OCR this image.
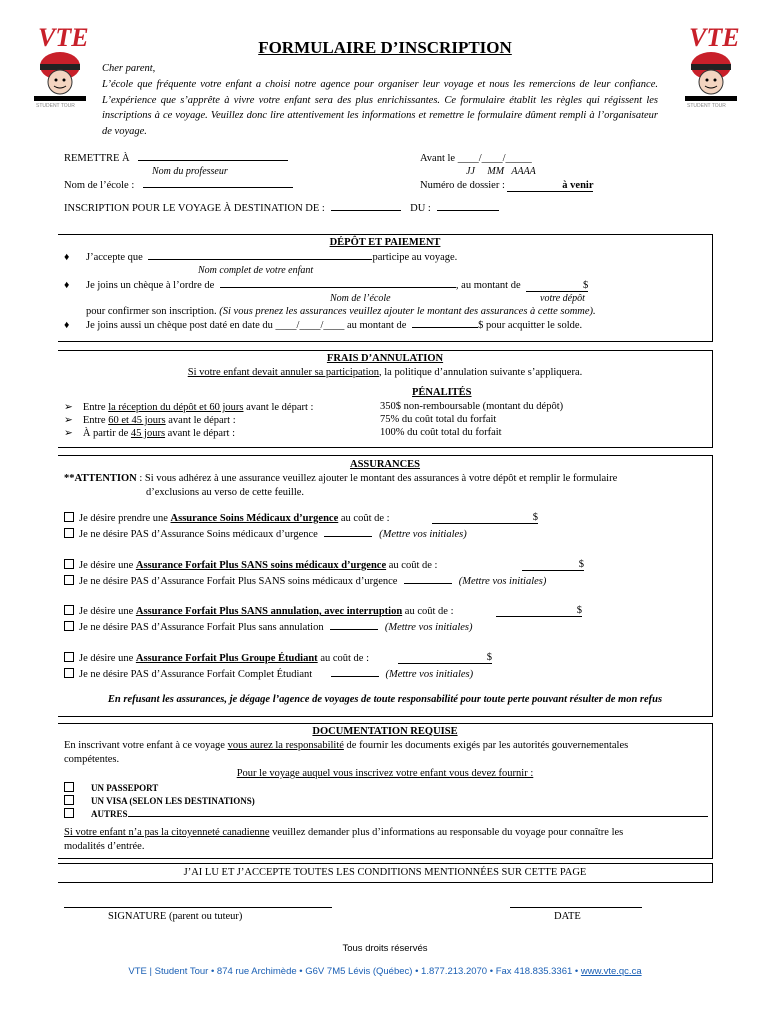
VTE
STUDENT TOUR
VTE
STUDENT TOUR
FORMULAIRE D’INSCRIPTION
Cher parent,
L’école que fréquente votre enfant a choisi notre agence pour organiser leur voyage et nous les remercions de leur confiance. L’expérience que s’apprête à vivre votre enfant sera des plus enrichissantes. Ce formulaire établit les règles qui régissent les inscriptions à ce voyage. Veuillez donc lire attentivement les informations et remettre le formulaire dûment rempli à l’organisateur de voyage.
REMETTRE À
Nom du professeur
Nom de l’école :
Avant le ____/____/_____
JJ     MM   AAAA
Numéro de dossier :	à venir
INSCRIPTION POUR LE VOYAGE À DESTINATION DE :	DU :
DÉPÔT ET PAIEMENT
♦ J’accepte que	participe au voyage.
Nom complet de votre enfant
♦ Je joins un chèque à l’ordre de	, au montant de	$
Nom de l’école	votre dépôt
pour confirmer son inscription. (Si vous prenez les assurances veuillez ajouter le montant des assurances à cette somme).
♦ Je joins aussi un chèque post daté en date du ____/____/____ au montant de	$ pour acquitter le solde.
FRAIS D’ANNULATION
Si votre enfant devait annuler sa participation, la politique d’annulation suivante s’appliquera.
PÉNALITÉS
➢ Entre la réception du dépôt et 60 jours avant le départ :	350$ non-remboursable (montant du dépôt)
➢ Entre 60 et 45 jours avant le départ :	75% du coût total du forfait
➢ À partir de 45 jours avant le départ :	100% du coût total du forfait
ASSURANCES
**ATTENTION : Si vous adhérez à une assurance veuillez ajouter le montant des assurances à votre dépôt et remplir le formulaire
d’exclusions au verso de cette feuille.
Je désire prendre une Assurance Soins Médicaux d’urgence au coût de :	$
Je ne désire PAS d’Assurance Soins médicaux d’urgence	(Mettre vos initiales)
Je désire une Assurance Forfait Plus SANS soins médicaux d’urgence au coût de :	$
Je ne désire PAS d’Assurance Forfait Plus SANS soins médicaux d’urgence	(Mettre vos initiales)
Je désire une Assurance Forfait Plus SANS annulation, avec interruption au coût de :	$
Je ne désire PAS d’Assurance Forfait Plus sans annulation	(Mettre vos initiales)
Je désire une Assurance Forfait Plus Groupe Étudiant au coût de :	$
Je ne désire PAS d’Assurance Forfait Complet Étudiant	(Mettre vos initiales)
En refusant les assurances, je dégage l’agence de voyages de toute responsabilité pour toute perte pouvant résulter de mon refus
DOCUMENTATION REQUISE
En inscrivant votre enfant à ce voyage vous aurez la responsabilité de fournir les documents exigés par les autorités gouvernementales
compétentes.
Pour le voyage auquel vous inscrivez votre enfant vous devez fournir :
UN PASSEPORT
UN VISA (SELON LES DESTINATIONS)
AUTRES
Si votre enfant n’a pas la citoyenneté canadienne veuillez demander plus d’informations au responsable du voyage pour connaître les
modalités d’entrée.
J’AI LU ET J’ACCEPTE TOUTES LES CONDITIONS MENTIONNÉES SUR CETTE PAGE
SIGNATURE (parent ou tuteur)	DATE
Tous droits réservés
VTE | Student Tour • 874 rue Archimède • G6V 7M5 Lévis (Québec) • 1.877.213.2070 • Fax 418.835.3361 • www.vte.qc.ca
